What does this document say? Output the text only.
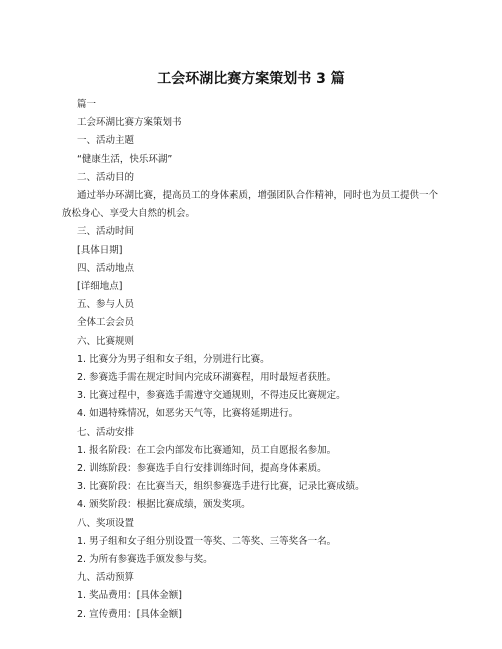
工会环湖比赛方案策划书 3 篇

篇一

工会环湖比赛方案策划书

一、活动主题

“健康生活，快乐环湖”

二、活动目的

通过举办环湖比赛，提高员工的身体素质，增强团队合作精神，同时也为员工提供一个放松身心、享受大自然的机会。

三、活动时间

[具体日期]

四、活动地点

[详细地点]

五、参与人员

全体工会会员

六、比赛规则

1. 比赛分为男子组和女子组，分别进行比赛。

2. 参赛选手需在规定时间内完成环湖赛程，用时最短者获胜。

3. 比赛过程中，参赛选手需遵守交通规则，不得违反比赛规定。

4. 如遇特殊情况，如恶劣天气等，比赛将延期进行。

七、活动安排

1. 报名阶段：在工会内部发布比赛通知，员工自愿报名参加。

2. 训练阶段：参赛选手自行安排训练时间，提高身体素质。

3. 比赛阶段：在比赛当天，组织参赛选手进行比赛，记录比赛成绩。

4. 颁奖阶段：根据比赛成绩，颁发奖项。

八、奖项设置

1. 男子组和女子组分别设置一等奖、二等奖、三等奖各一名。

2. 为所有参赛选手颁发参与奖。

九、活动预算

1. 奖品费用：[具体金额]

2. 宣传费用：[具体金额]
